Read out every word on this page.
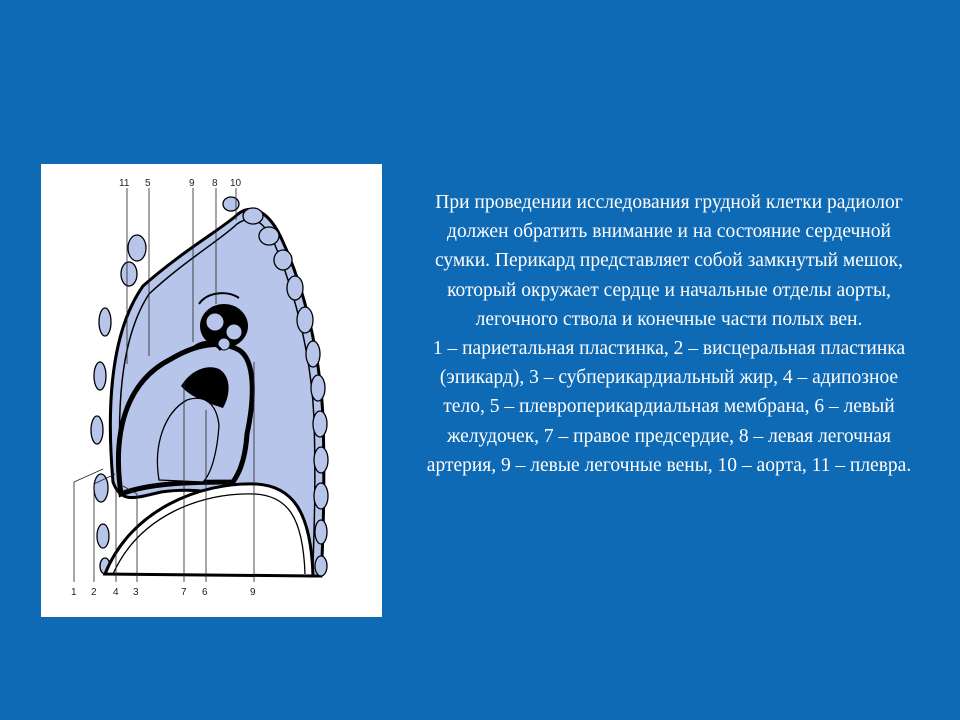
11 5	9 8 10
1 2 4 3	7 6	9

При проведении исследования грудной клетки радиолог должен обратить внимание и на состояние сердечной сумки. Перикард представляет собой замкнутый мешок, который окружает сердце и начальные отделы аорты, легочного ствола и конечные части полых вен.

1 – париетальная пластинка, 2 – висцеральная пластинка (эпикард), 3 – субперикардиальный жир, 4 – адипозное тело, 5 – плевроперикардиальная мембрана, 6 – левый желудочек, 7 – правое предсердие, 8 – левая легочная артерия, 9 – левые легочные вены, 10 – аорта, 11 – плевра.
